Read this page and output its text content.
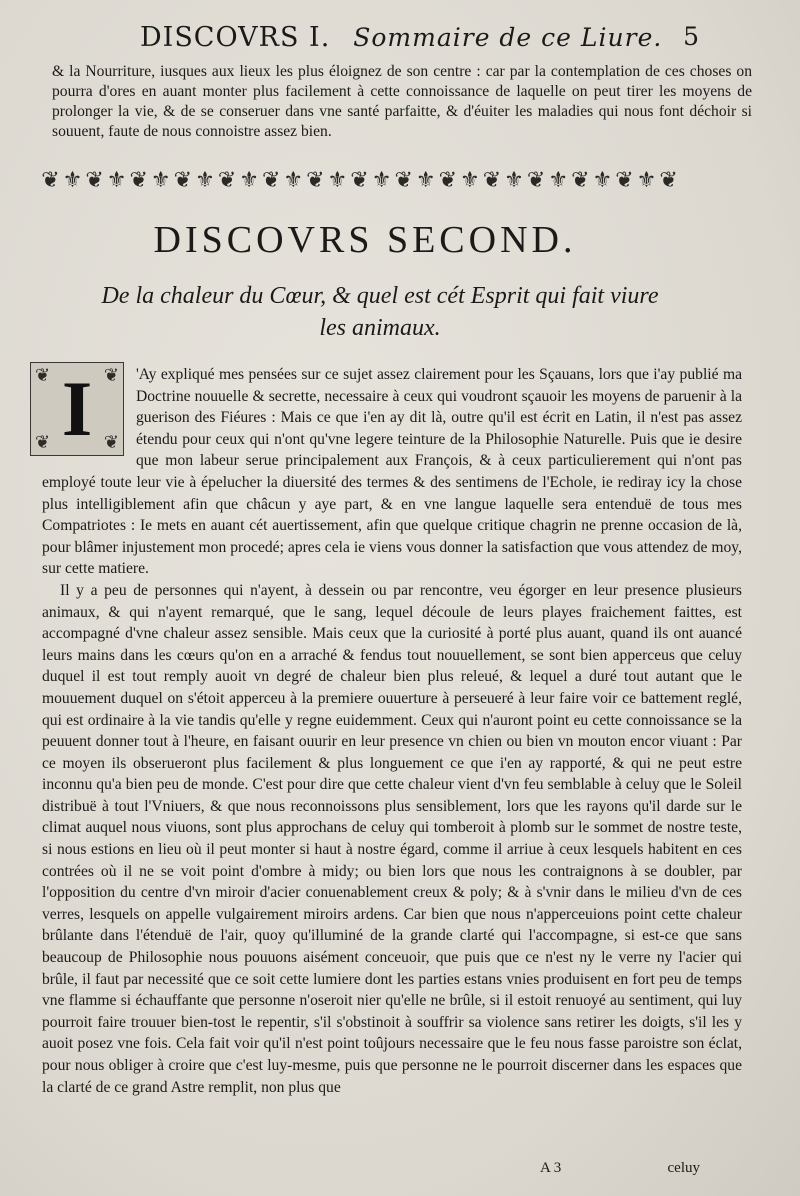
DISCOVRS I. Sommaire de ce Liure. 5
& la Nourriture, iusques aux lieux les plus éloignez de son centre : car par la contemplation de ces choses on pourra d'ores en auant monter plus facilement à cette connoissance de laquelle on peut tirer les moyens de prolonger la vie, & de se conseruer dans vne santé parfaitte, & d'éuiter les maladies qui nous font déchoir si souuent, faute de nous connoistre assez bien.
❦⚜❦⚜❦⚜❦⚜❦⚜❦⚜❦⚜❦⚜❦⚜❦⚜❦⚜❦⚜❦⚜❦⚜❦
DISCOVRS SECOND.
De la chaleur du Cœur, & quel est cét Esprit qui fait viure les animaux.

'Ay expliqué mes pensées sur ce sujet assez clairement pour les Sçauans, lors que i'ay publié ma Doctrine nouuelle & secrette, necessaire à ceux qui voudront sçauoir les moyens de paruenir à la guerison des Fiéures : Mais ce que i'en ay dit là, outre qu'il est écrit en Latin, il n'est pas assez étendu pour ceux qui n'ont qu'vne legere teinture de la Philosophie Naturelle. Puis que ie desire que mon labeur serue principalement aux François, & à ceux particulierement qui n'ont pas employé toute leur vie à épelucher la diuersité des termes & des sentimens de l'Echole, ie rediray icy la chose plus intelligiblement afin que châcun y aye part, & en vne langue laquelle sera entenduë de tous mes Compatriotes : Ie mets en auant cét auertissement, afin que quelque critique chagrin ne prenne occasion de là, pour blâmer injustement mon procedé; apres cela ie viens vous donner la satisfaction que vous attendez de moy, sur cette matiere.

Il y a peu de personnes qui n'ayent, à dessein ou par rencontre, veu égorger en leur presence plusieurs animaux, & qui n'ayent remarqué, que le sang, lequel découle de leurs playes fraichement faittes, est accompagné d'vne chaleur assez sensible. Mais ceux que la curiosité à porté plus auant, quand ils ont auancé leurs mains dans les cœurs qu'on en a arraché & fendus tout nouuellement, se sont bien apperceus que celuy duquel il est tout remply auoit vn degré de chaleur bien plus releué, & lequel a duré tout autant que le mouuement duquel on s'étoit apperceu à la premiere ouuerture à perseueré à leur faire voir ce battement reglé, qui est ordinaire à la vie tandis qu'elle y regne euidemment. Ceux qui n'auront point eu cette connoissance se la peuuent donner tout à l'heure, en faisant ouurir en leur presence vn chien ou bien vn mouton encor viuant : Par ce moyen ils obserueront plus facilement & plus longuement ce que i'en ay rapporté, & qui ne peut estre inconnu qu'a bien peu de monde. C'est pour dire que cette chaleur vient d'vn feu semblable à celuy que le Soleil distribuë à tout l'Vniuers, & que nous reconnoissons plus sensiblement, lors que les rayons qu'il darde sur le climat auquel nous viuons, sont plus approchans de celuy qui tomberoit à plomb sur le sommet de nostre teste, si nous estions en lieu où il peut monter si haut à nostre égard, comme il arriue à ceux lesquels habitent en ces contrées où il ne se voit point d'ombre à midy; ou bien lors que nous les contraignons à se doubler, par l'opposition du centre d'vn miroir d'acier conuenablement creux & poly; & à s'vnir dans le milieu d'vn de ces verres, lesquels on appelle vulgairement miroirs ardens. Car bien que nous n'apperceuions point cette chaleur brûlante dans l'étenduë de l'air, quoy qu'illuminé de la grande clarté qui l'accompagne, si est-ce que sans beaucoup de Philosophie nous pouuons aisément conceuoir, que puis que ce n'est ny le verre ny l'acier qui brûle, il faut par necessité que ce soit cette lumiere dont les parties estans vnies produisent en fort peu de temps vne flamme si échauffante que personne n'oseroit nier qu'elle ne brûle, si il estoit renuoyé au sentiment, qui luy pourroit faire trouuer bien-tost le repentir, s'il s'obstinoit à souffrir sa violence sans retirer les doigts, s'il les y auoit posez vne fois. Cela fait voir qu'il n'est point toûjours necessaire que le feu nous fasse paroistre son éclat, pour nous obliger à croire que c'est luy-mesme, puis que personne ne le pourroit discerner dans les espaces que la clarté de ce grand Astre remplit, non plus que

❦	❦
❦	❦
I
A 3	celuy
